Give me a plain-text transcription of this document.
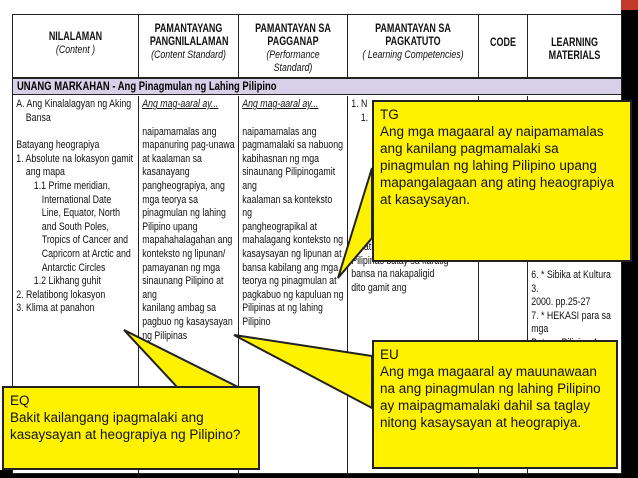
NILALAMAN
(Content )
PAMANTAYANG PANGNILALAMAN
(Content Standard)
PAMANTAYAN SA PAGGANAP
(Performance Standard)
PAMANTAYAN SA PAGKATUTO
( Learning Competencies)
CODE	LEARNING MATERIALS
UNANG MARKAHAN - Ang Pinagmulan ng Lahing Pilipino
A. Ang Kinalalagyan ng Aking
Bansa
Batayang heograpiya
1. Absolute na lokasyon gamit
ang mapa
1.1 Prime meridian,
International Date
Line, Equator, North
and South Poles,
Tropics of Cancer and
Capricorn at Arctic and
Antarctic Circles
1.2 Likhang guhit
2. Relatibong lokasyon
3. Klima at panahon
Ang mag-aaral ay...
naipamamalas ang
mapanuring pag-unawa
at kaalaman sa
kasanayang
pangheograpiya, ang
mga teorya sa
pinagmulan ng lahing
Pilipino upang
mapahahalagahan ang
konteksto ng lipunan/
pamayanan ng mga
sinaunang Pilipino at ang
kanilang ambag sa
pagbuo ng kasaysayan
ng Pilipinas
Ang mag-aaral ay...
naipamamalas ang
pagmamalaki sa nabuong
kabihasnan ng mga
sinaunang Pilipinogamit ang
kaalaman sa konteksto ng
pangheograpikal at
mahalagang konteksto ng
kasaysayan ng lipunan at
bansa kabilang ang mga
teorya ng pinagmulan at
pagkabuo ng kapuluan ng
Pilipinas at ng lahing Pilipino
1. N
1.
(relative
Pilipinas
bansa na nakapaligid
dito gamit ang
6. * Sibika at Kultura 3.
2000. pp.25-27
7. * HEKASI para sa mga
TG
Ang mga magaaral ay naipamamalas ang kanilang pagmamalaki sa pinagmulan ng lahing Pilipino upang mapangalagaan ang ating heaograpiya at kasaysayan.
EU
Ang mga magaaral ay mauunawaan na ang pinagmulan ng lahing Pilipino ay maipagmamalaki dahil sa taglay nitong kasaysayan at heograpiya.
EQ
Bakit kailangang ipagmalaki ang kasaysayan at heograpiya ng Pilipino?
